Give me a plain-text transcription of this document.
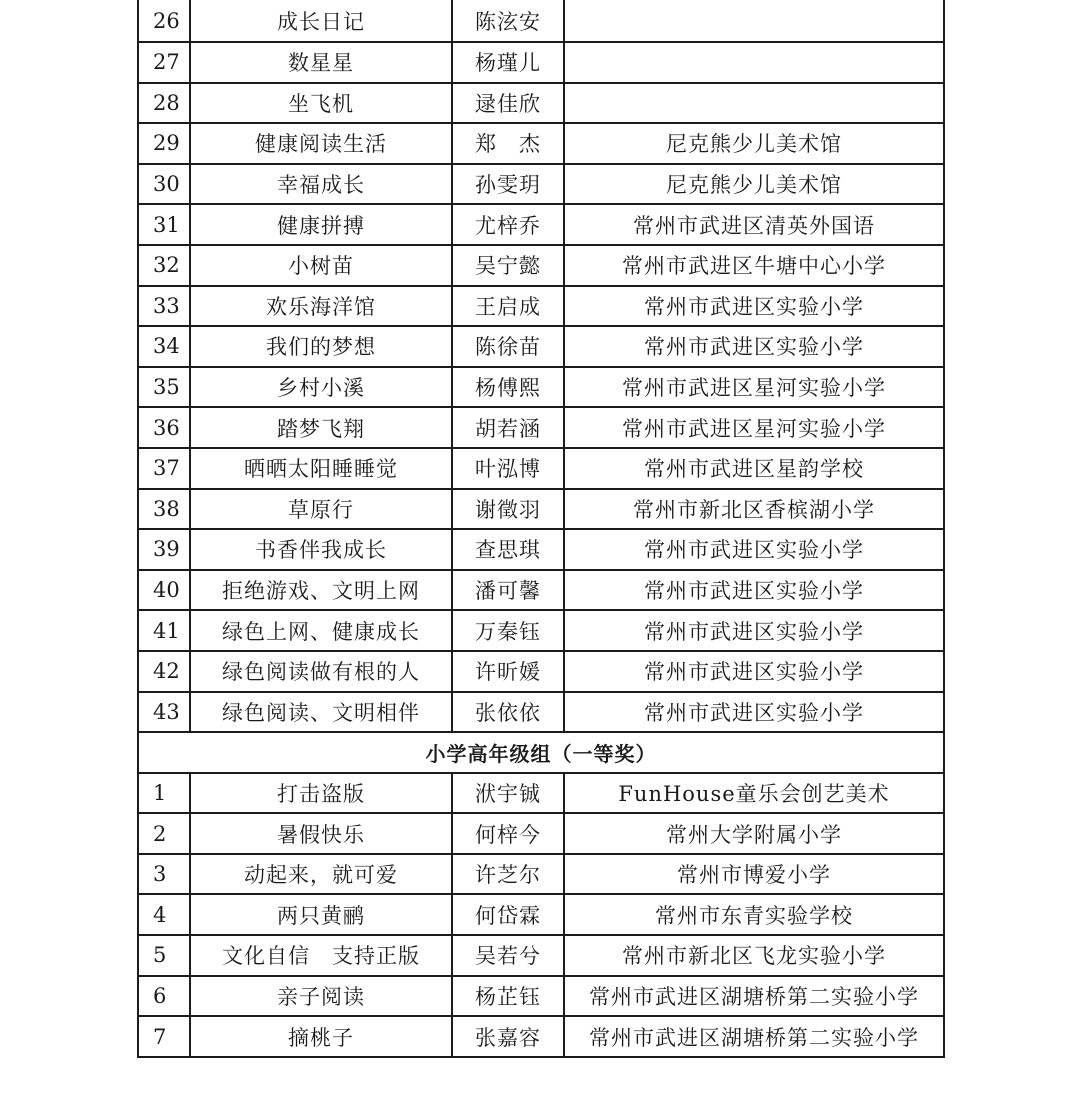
26	成长日记	陈泫安	
27	数星星	杨瑾儿	
28	坐飞机	逯佳欣	
29	健康阅读生活	郑　杰	尼克熊少儿美术馆
30	幸福成长	孙雯玥	尼克熊少儿美术馆
31	健康拼搏	尤梓乔	常州市武进区清英外国语
32	小树苗	吴宁懿	常州市武进区牛塘中心小学
33	欢乐海洋馆	王启成	常州市武进区实验小学
34	我们的梦想	陈徐苗	常州市武进区实验小学
35	乡村小溪	杨傅熙	常州市武进区星河实验小学
36	踏梦飞翔	胡若涵	常州市武进区星河实验小学
37	晒晒太阳睡睡觉	叶泓博	常州市武进区星韵学校
38	草原行	谢徵羽	常州市新北区香槟湖小学
39	书香伴我成长	查思琪	常州市武进区实验小学
40	拒绝游戏、文明上网	潘可馨	常州市武进区实验小学
41	绿色上网、健康成长	万秦钰	常州市武进区实验小学
42	绿色阅读做有根的人	许昕媛	常州市武进区实验小学
43	绿色阅读、文明相伴	张依依	常州市武进区实验小学
小学高年级组（一等奖）			
1	打击盗版	洑宇铖	FunHouse童乐会创艺美术
2	暑假快乐	何梓今	常州大学附属小学
3	动起来，就可爱	许芝尔	常州市博爱小学
4	两只黄鹂	何岱霖	常州市东青实验学校
5	文化自信　支持正版	吴若兮	常州市新北区飞龙实验小学
6	亲子阅读	杨芷钰	常州市武进区湖塘桥第二实验小学
7	摘桃子	张嘉容	常州市武进区湖塘桥第二实验小学
